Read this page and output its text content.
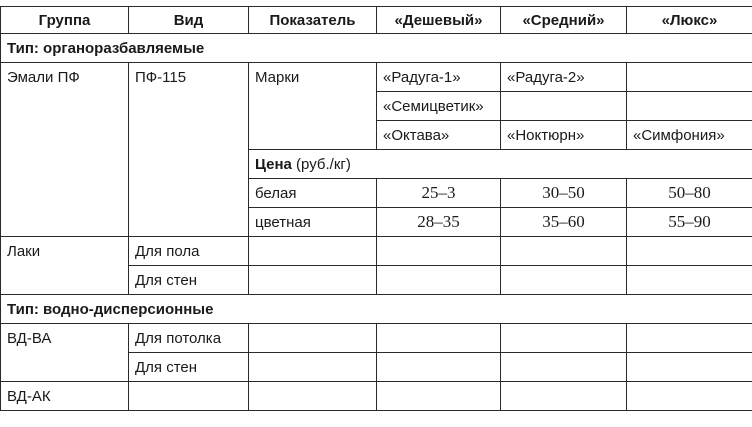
Группа	Вид	Показатель	«Дешевый»	«Средний»	«Люкс»
Тип: органоразбавляемые					
Эмали ПФ	ПФ-115	Марки	«Радуга-1»	«Радуга-2»	
			«Семицветик»		
			«Октава»	«Ноктюрн»	«Симфония»
		Цена (руб./кг)			
		белая	25–3	30–50	50–80
		цветная	28–35	35–60	55–90
Лаки	Для пола				
	Для стен				
Тип: водно-дисперсионные					
ВД-ВА	Для потолка				
	Для стен				
ВД-АК					
